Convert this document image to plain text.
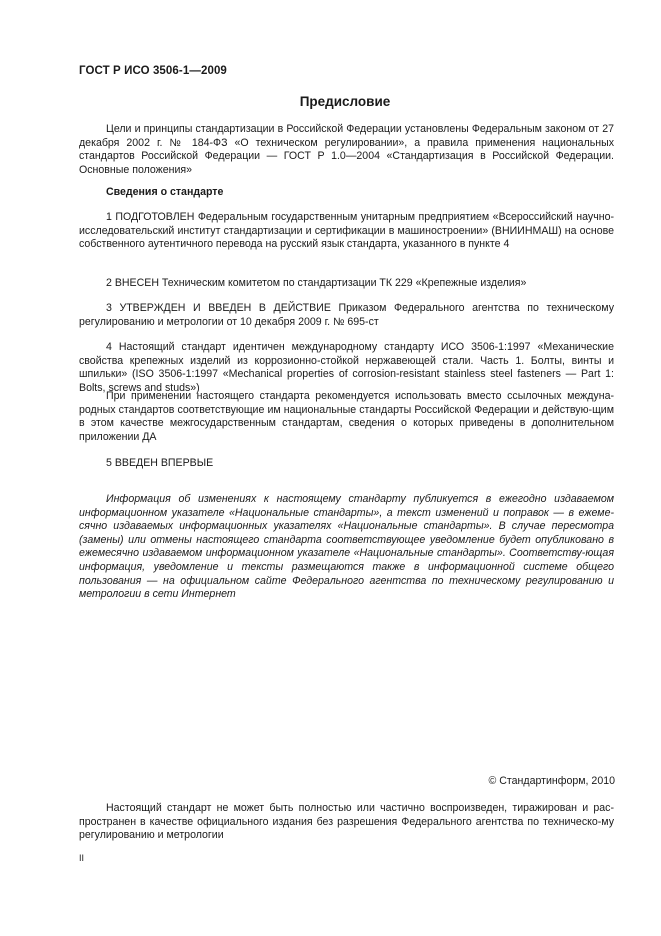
ГОСТ Р ИСО 3506-1—2009
Предисловие

Цели и принципы стандартизации в Российской Федерации установлены Федеральным законом от 27 декабря 2002 г. № 184-ФЗ «О техническом регулировании», а правила применения национальных стандартов Российской Федерации — ГОСТ Р 1.0—2004 «Стандартизация в Российской Федерации. Основные положения»

Сведения о стандарте

1 ПОДГОТОВЛЕН Федеральным государственным унитарным предприятием «Всероссийский научно-исследовательский институт стандартизации и сертификации в машиностроении» (ВНИИНМАШ) на основе собственного аутентичного перевода на русский язык стандарта, указанного в пункте 4

2 ВНЕСЕН Техническим комитетом по стандартизации ТК 229 «Крепежные изделия»

3 УТВЕРЖДЕН И ВВЕДЕН В ДЕЙСТВИЕ Приказом Федерального агентства по техническому регулированию и метрологии от 10 декабря 2009 г. № 695-ст

4 Настоящий стандарт идентичен международному стандарту ИСО 3506-1:1997 «Механические свойства крепежных изделий из коррозионно-стойкой нержавеющей стали. Часть 1. Болты, винты и шпильки» (ISO 3506-1:1997 «Mechanical properties of corrosion-resistant stainless steel fasteners — Part 1: Bolts, screws and studs»)

При применении настоящего стандарта рекомендуется использовать вместо ссылочных междуна-родных стандартов соответствующие им национальные стандарты Российской Федерации и действую-щим в этом качестве межгосударственным стандартам, сведения о которых приведены в дополнительном приложении ДА

5 ВВЕДЕН ВПЕРВЫЕ

Информация об изменениях к настоящему стандарту публикуется в ежегодно издаваемом информационном указателе «Национальные стандарты», а текст изменений и поправок — в ежеме-сячно издаваемых информационных указателях «Национальные стандарты». В случае пересмотра (замены) или отмены настоящего стандарта соответствующее уведомление будет опубликовано в ежемесячно издаваемом информационном указателе «Национальные стандарты». Соответству-ющая информация, уведомление и тексты размещаются также в информационной системе общего пользования — на официальном сайте Федерального агентства по техническому регулированию и метрологии в сети Интернет

© Стандартинформ, 2010

Настоящий стандарт не может быть полностью или частично воспроизведен, тиражирован и рас-пространен в качестве официального издания без разрешения Федерального агентства по техническо-му регулированию и метрологии

II
